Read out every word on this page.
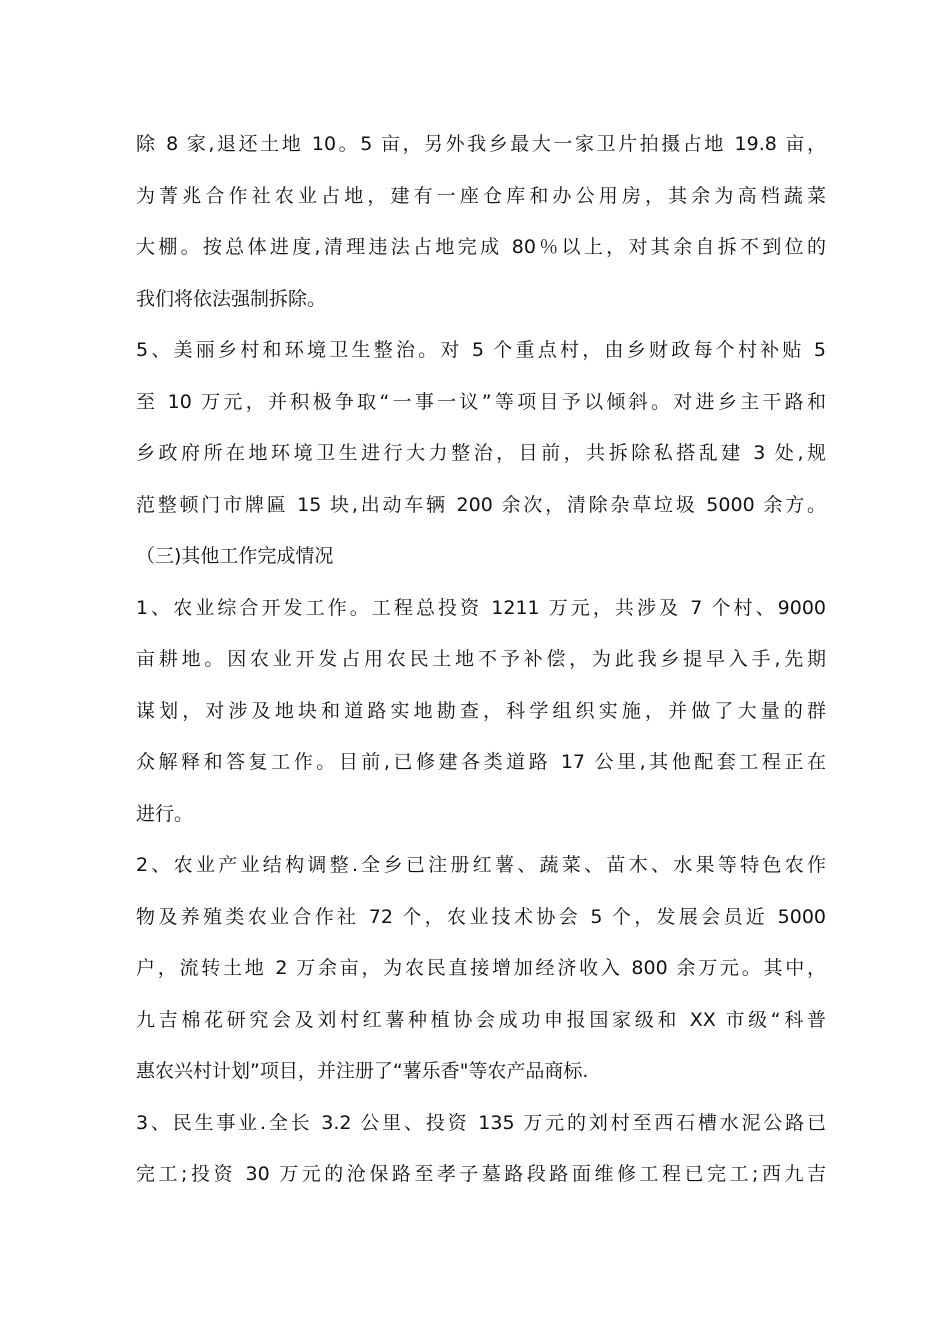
除 8 家,退还土地 10。5 亩，另外我乡最大一家卫片拍摄占地 19.8 亩，
为菁兆合作社农业占地，建有一座仓库和办公用房，其余为高档蔬菜
大棚。按总体进度,清理违法占地完成 80％以上，对其余自拆不到位的
我们将依法强制拆除。
5、美丽乡村和环境卫生整治。对 5 个重点村，由乡财政每个村补贴 5
至 10 万元，并积极争取“一事一议”等项目予以倾斜。对进乡主干路和
乡政府所在地环境卫生进行大力整治，目前，共拆除私搭乱建 3 处,规
范整顿门市牌匾 15 块,出动车辆 200 余次，清除杂草垃圾 5000 余方。
（三)其他工作完成情况
1、农业综合开发工作。工程总投资 1211 万元，共涉及 7 个村、9000
亩耕地。因农业开发占用农民土地不予补偿，为此我乡提早入手,先期
谋划，对涉及地块和道路实地勘查，科学组织实施，并做了大量的群
众解释和答复工作。目前,已修建各类道路 17 公里,其他配套工程正在
进行。
2、农业产业结构调整.全乡已注册红薯、蔬菜、苗木、水果等特色农作
物及养殖类农业合作社 72 个，农业技术协会 5 个，发展会员近 5000
户，流转土地 2 万余亩，为农民直接增加经济收入 800 余万元。其中，
九吉棉花研究会及刘村红薯种植协会成功申报国家级和 XX 市级“科普
惠农兴村计划”项目，并注册了“薯乐香"等农产品商标.
3、民生事业.全长 3.2 公里、投资 135 万元的刘村至西石槽水泥公路已
完工;投资 30 万元的沧保路至孝子墓路段路面维修工程已完工;西九吉
